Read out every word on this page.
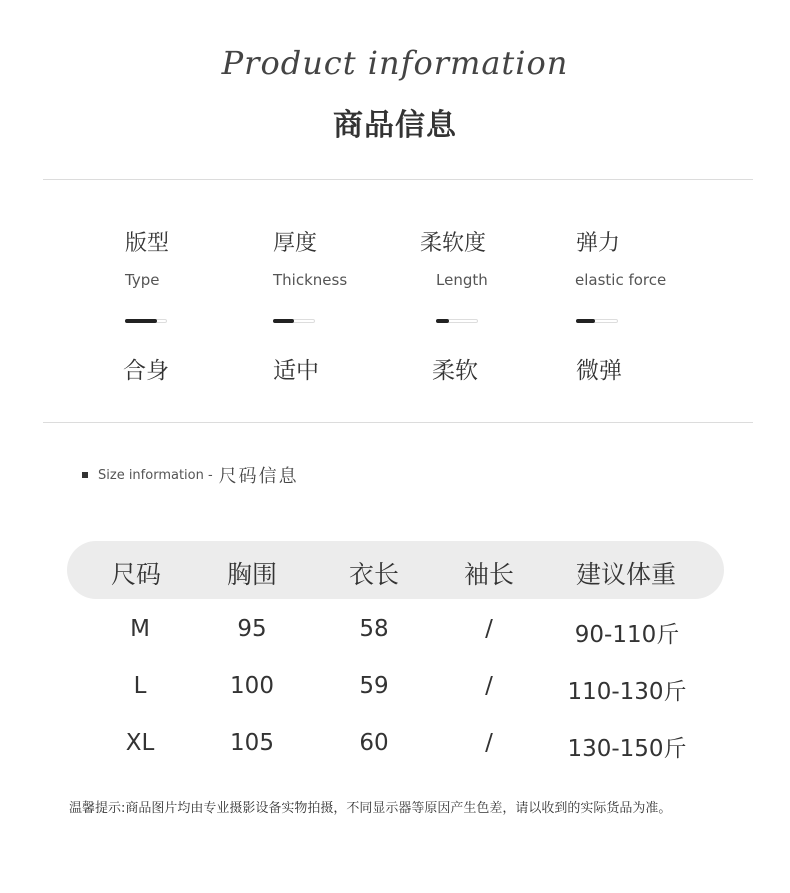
Product information
商品信息
版型
Type
合身
厚度
Thickness
适中
柔软度
Length
柔软
弹力
elastic force
微弹
Size information - 尺码信息
尺码	胸围	衣长	袖长	建议体重
M	95	58	/	90-110斤
L	100	59	/	110-130斤
XL	105	60	/	130-150斤
温馨提示:商品图片均由专业摄影设备实物拍摄，不同显示器等原因产生色差，请以收到的实际货品为准。
